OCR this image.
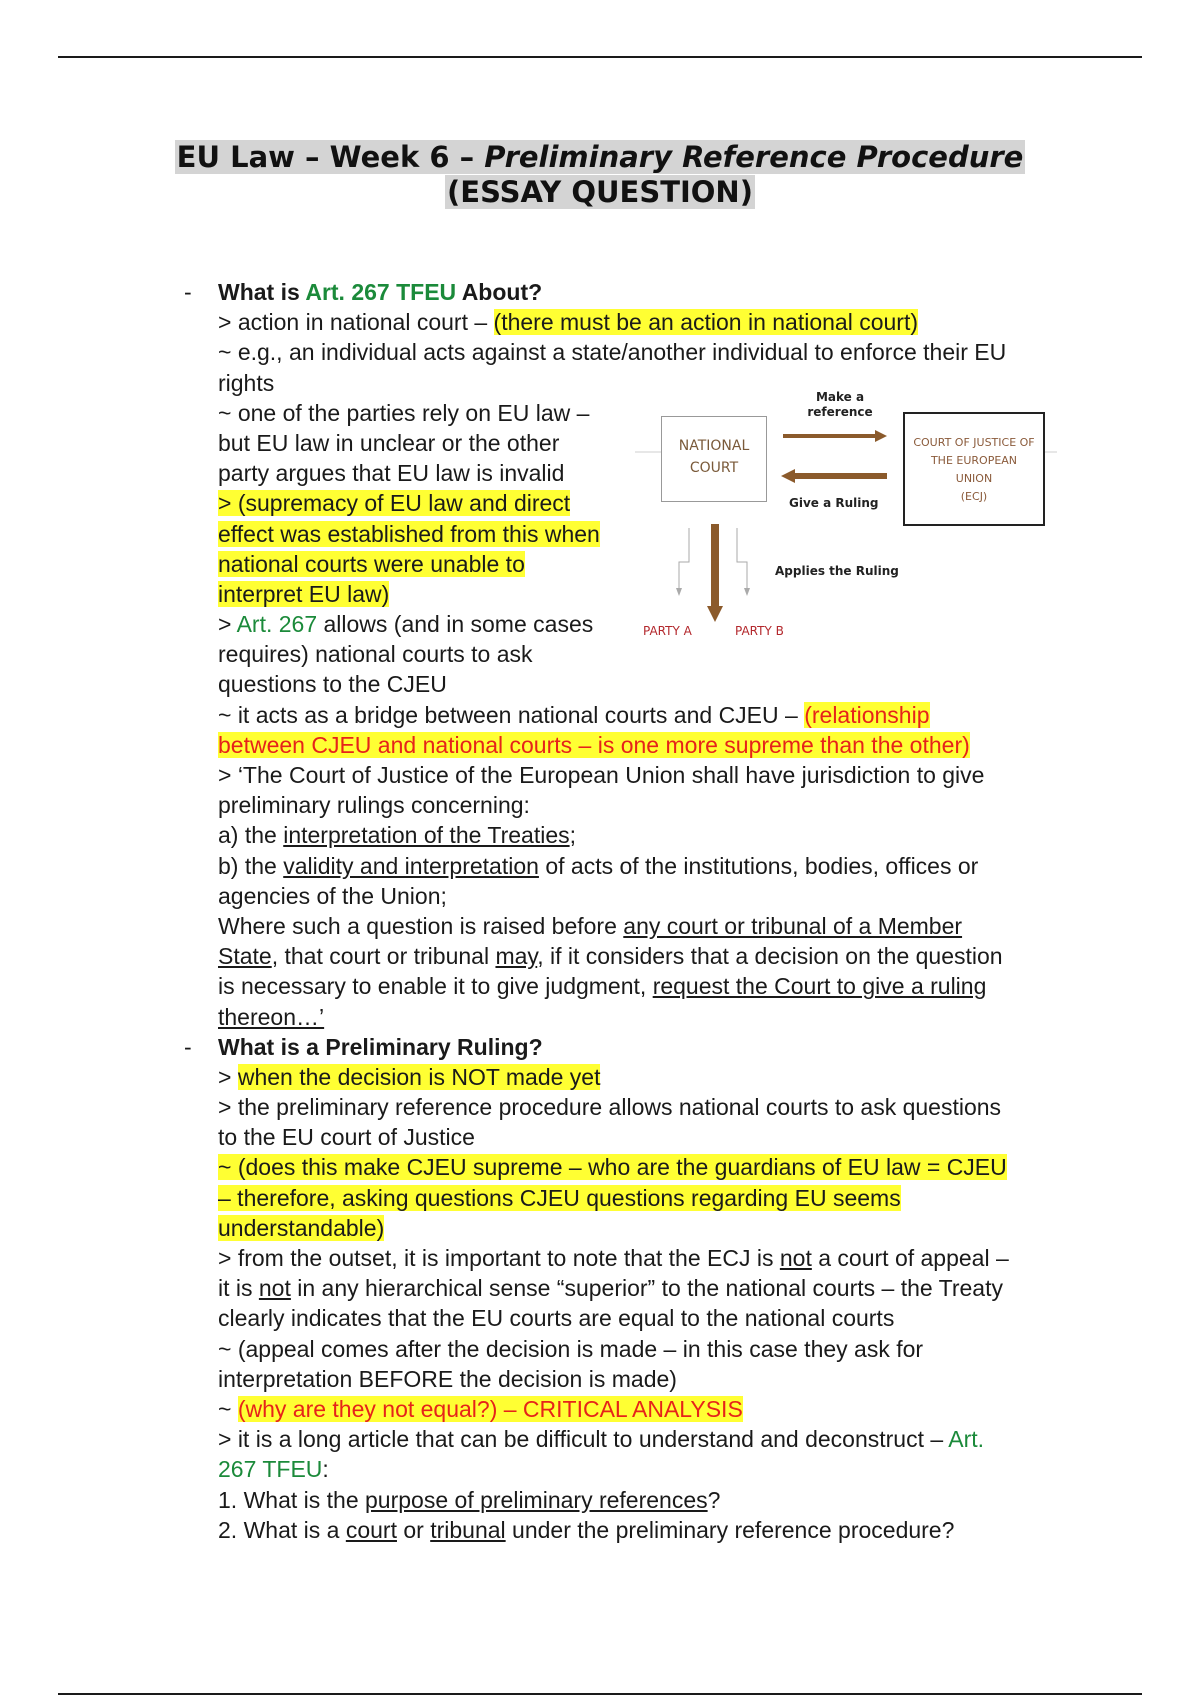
EU Law – Week 6 – Preliminary Reference Procedure
(ESSAY QUESTION)
- What is Art. 267 TFEU About?
> action in national court – (there must be an action in national court)
~ e.g., an individual acts against a state/another individual to enforce their EU
rights
~ one of the parties rely on EU law –
but EU law in unclear or the other
party argues that EU law is invalid
> (supremacy of EU law and direct
effect was established from this when
national courts were unable to
interpret EU law)
> Art. 267 allows (and in some cases
requires) national courts to ask
questions to the CJEU
~ it acts as a bridge between national courts and CJEU – (relationship
between CJEU and national courts – is one more supreme than the other)
> ‘The Court of Justice of the European Union shall have jurisdiction to give
preliminary rulings concerning:
a) the interpretation of the Treaties;
b) the validity and interpretation of acts of the institutions, bodies, offices or
agencies of the Union;
Where such a question is raised before any court or tribunal of a Member
State, that court or tribunal may, if it considers that a decision on the question
is necessary to enable it to give judgment, request the Court to give a ruling
thereon…’
- What is a Preliminary Ruling?
> when the decision is NOT made yet
> the preliminary reference procedure allows national courts to ask questions
to the EU court of Justice
~ (does this make CJEU supreme – who are the guardians of EU law = CJEU
– therefore, asking questions CJEU questions regarding EU seems
understandable)
> from the outset, it is important to note that the ECJ is not a court of appeal –
it is not in any hierarchical sense “superior” to the national courts – the Treaty
clearly indicates that the EU courts are equal to the national courts
~ (appeal comes after the decision is made – in this case they ask for
interpretation BEFORE the decision is made)
~ (why are they not equal?) – CRITICAL ANALYSIS
> it is a long article that can be difficult to understand and deconstruct – Art.
267 TFEU:
1. What is the purpose of preliminary references?
2. What is a court or tribunal under the preliminary reference procedure?
NATIONAL
COURT
COURT OF JUSTICE OF
THE EUROPEAN
UNION
(ECJ)
Make a
reference
Give a Ruling
Applies the Ruling
PARTY A	PARTY B
